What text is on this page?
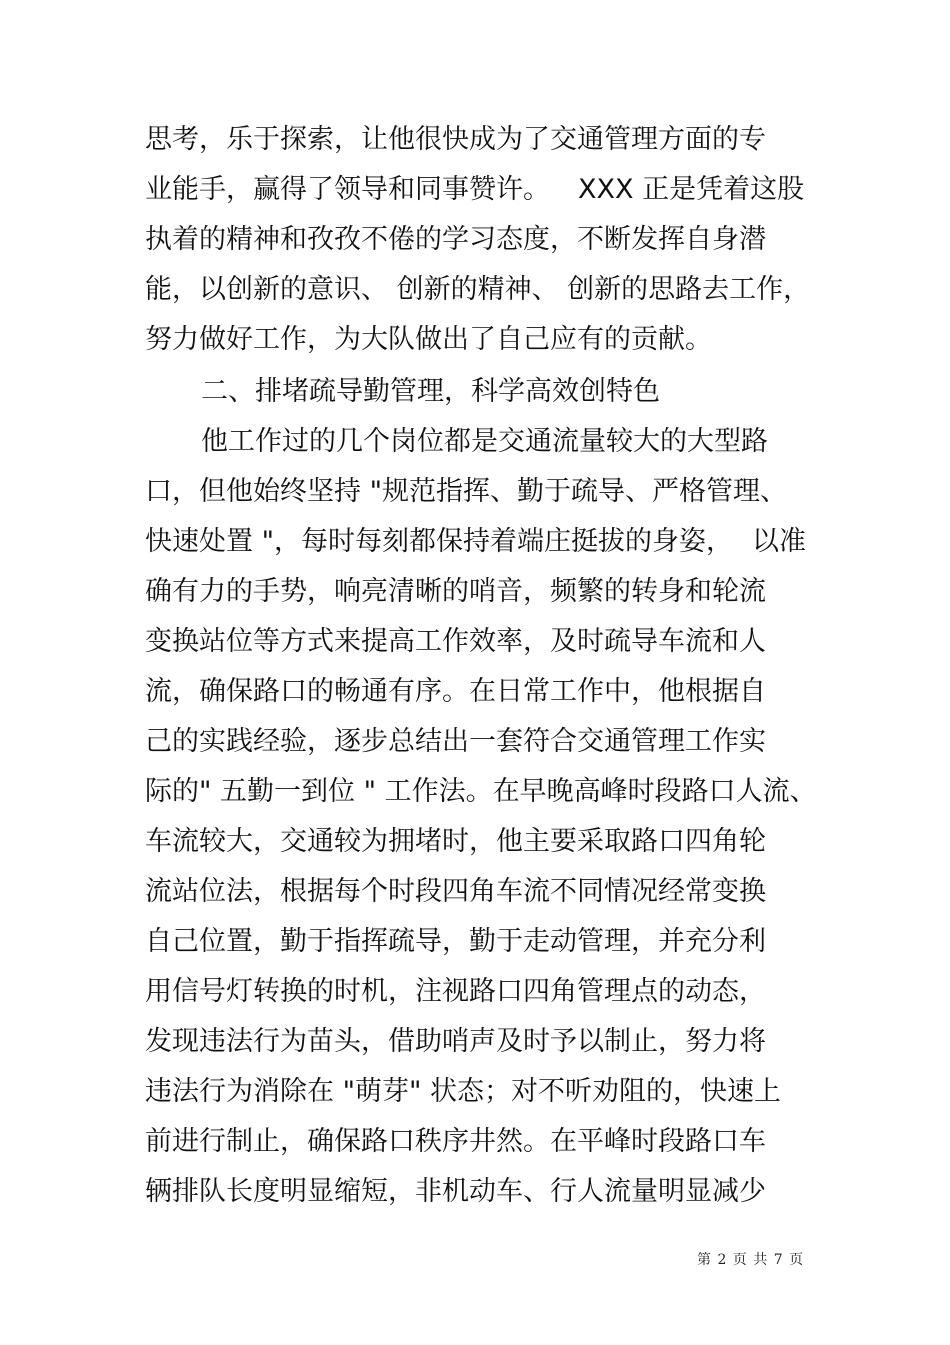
思考，乐于探索，让他很快成为了交通管理方面的专
业能手，赢得了领导和同事赞许。 XXX 正是凭着这股
执着的精神和孜孜不倦的学习态度，不断发挥自身潜
能，以创新的意识、 创新的精神、 创新的思路去工作，
努力做好工作，为大队做出了自己应有的贡献。
二、排堵疏导勤管理，科学高效创特色
他工作过的几个岗位都是交通流量较大的大型路
口，但他始终坚持 "规范指挥、勤于疏导、严格管理、
快速处置 "，每时每刻都保持着端庄挺拔的身姿， 以准
确有力的手势，响亮清晰的哨音，频繁的转身和轮流
变换站位等方式来提高工作效率，及时疏导车流和人
流，确保路口的畅通有序。在日常工作中，他根据自
己的实践经验，逐步总结出一套符合交通管理工作实
际的" 五勤一到位 " 工作法。在早晚高峰时段路口人流、
车流较大，交通较为拥堵时，他主要采取路口四角轮
流站位法，根据每个时段四角车流不同情况经常变换
自己位置，勤于指挥疏导，勤于走动管理，并充分利
用信号灯转换的时机，注视路口四角管理点的动态，
发现违法行为苗头，借助哨声及时予以制止，努力将
违法行为消除在 "萌芽" 状态；对不听劝阻的，快速上
前进行制止，确保路口秩序井然。在平峰时段路口车
辆排队长度明显缩短，非机动车、行人流量明显减少
第 2 页 共 7 页
